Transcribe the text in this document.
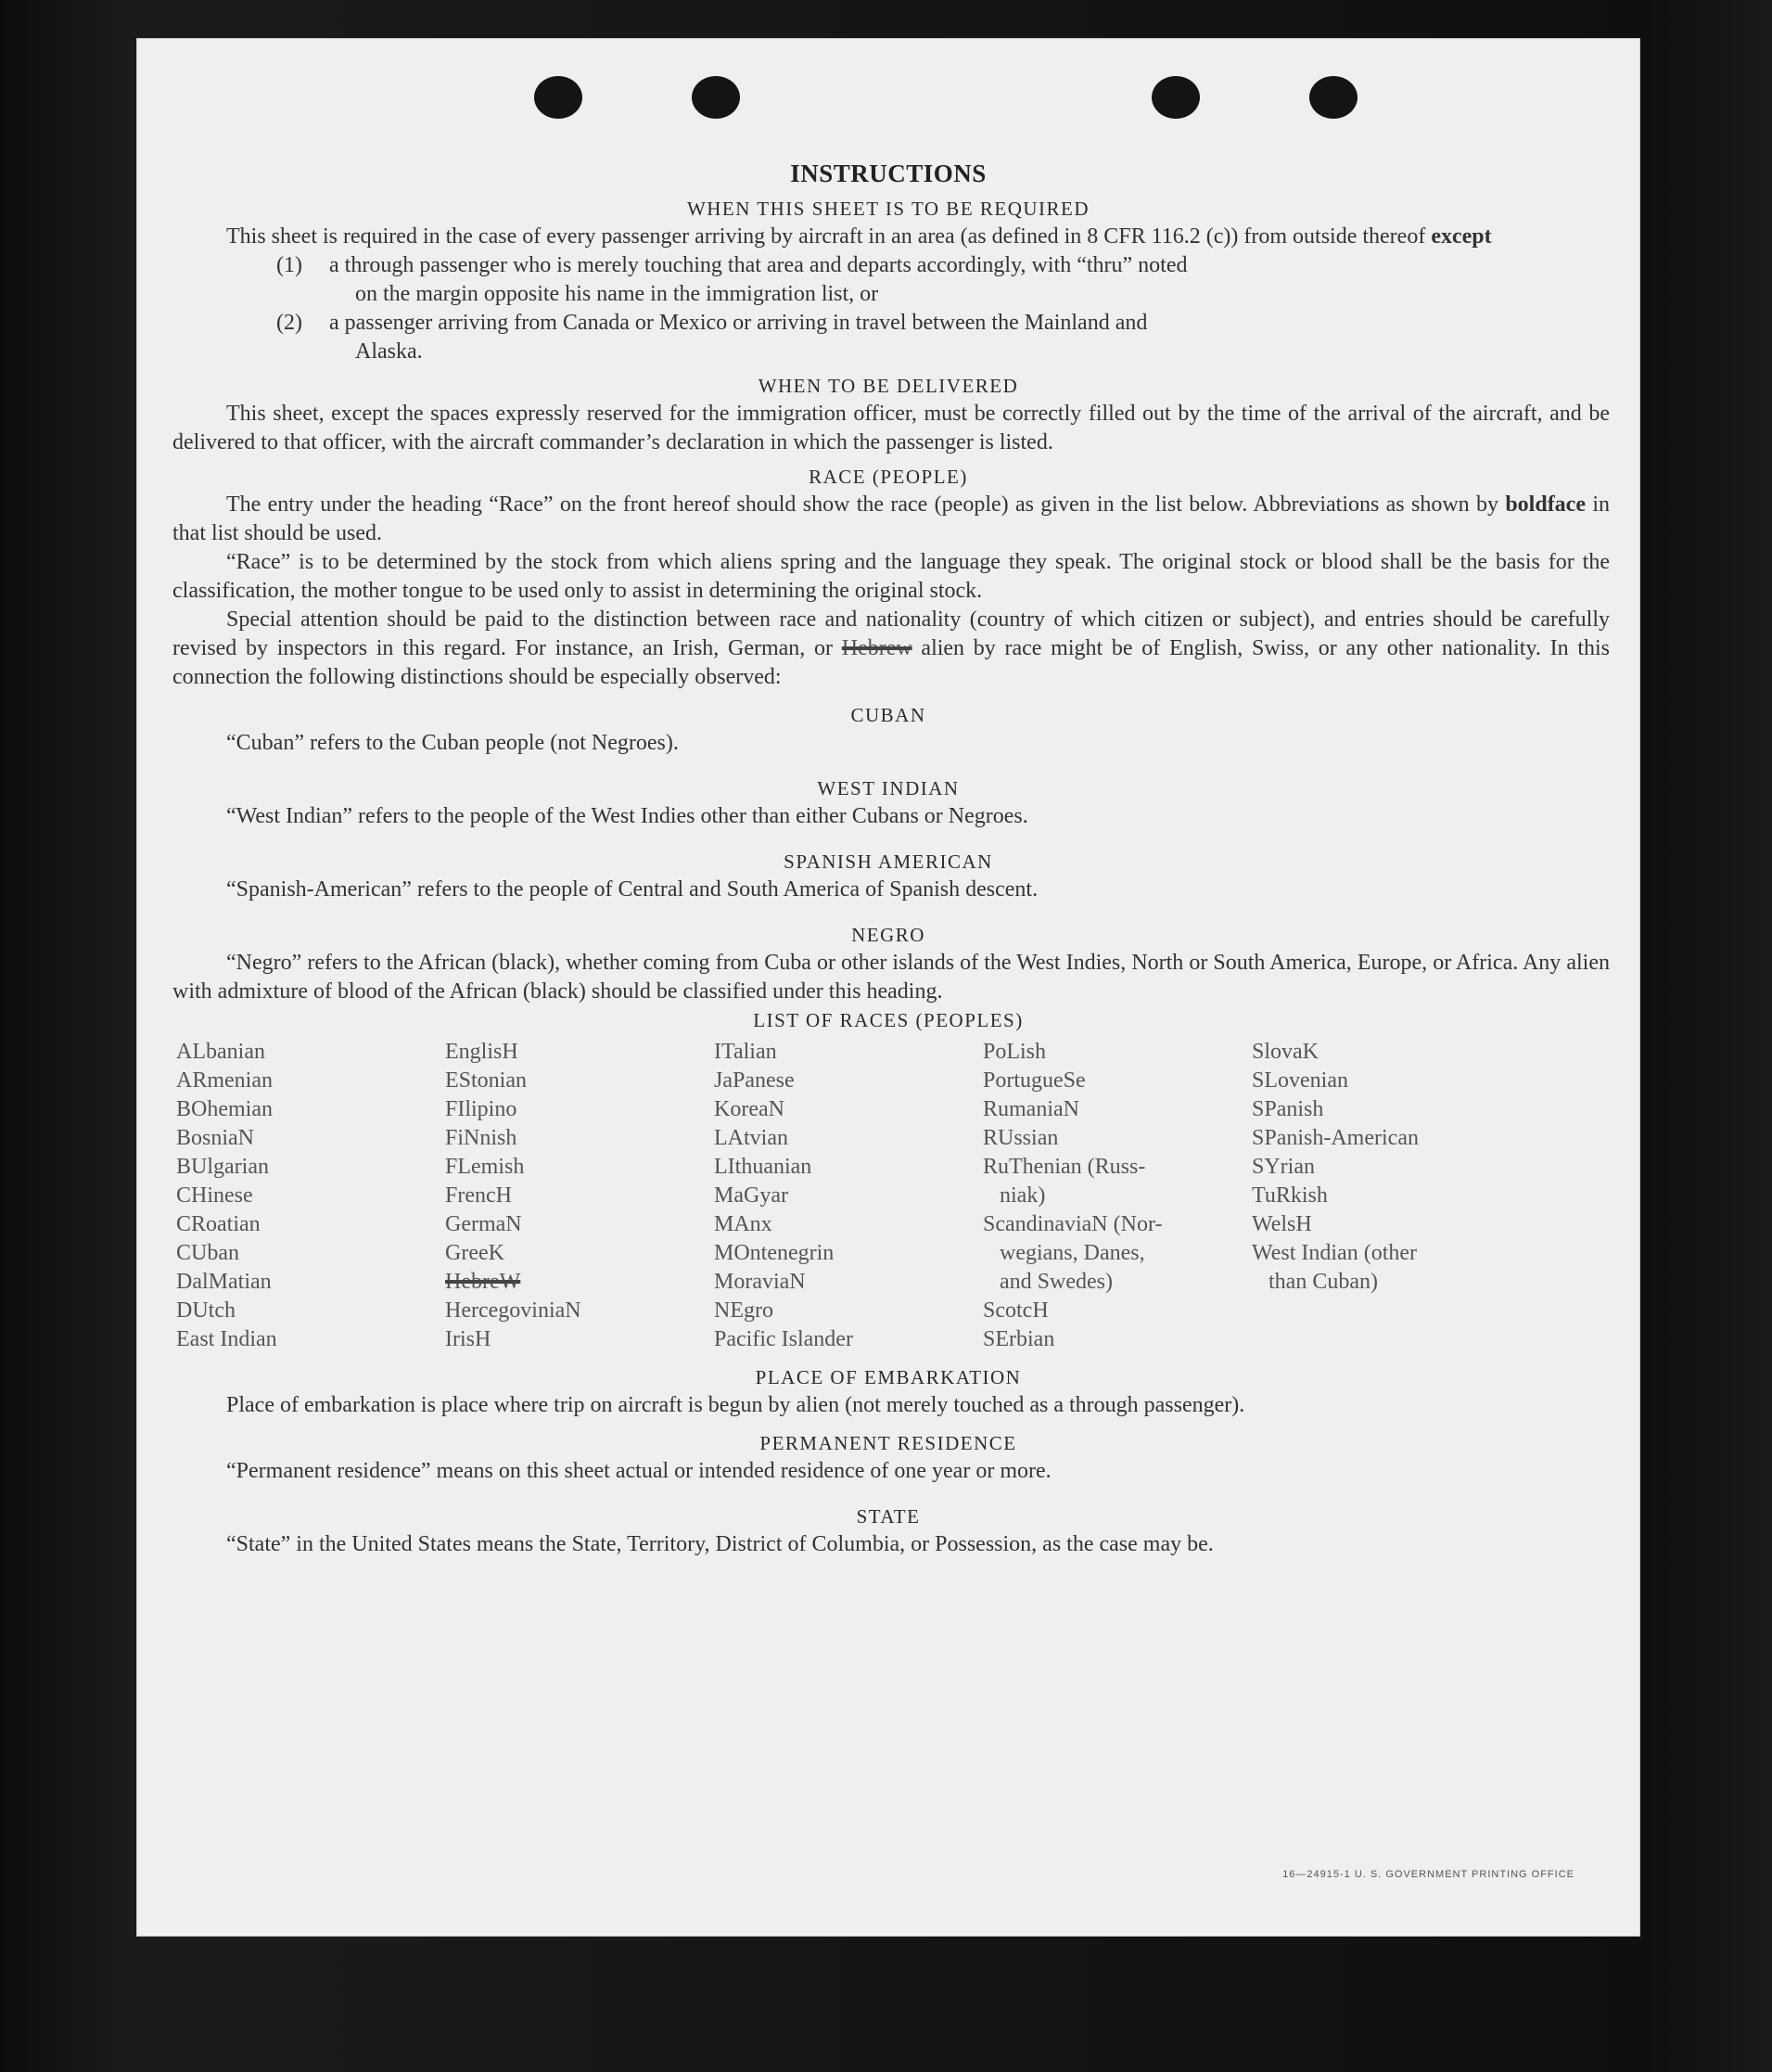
INSTRUCTIONS
WHEN THIS SHEET IS TO BE REQUIRED

This sheet is required in the case of every passenger arriving by aircraft in an area (as defined in 8 CFR 116.2 (c)) from outside thereof except

(1)	a through passenger who is merely touching that area and departs accordingly, with “thru” noted
on the margin opposite his name in the immigration list, or
(2)	a passenger arriving from Canada or Mexico or arriving in travel between the Mainland and
Alaska.
WHEN TO BE DELIVERED

This sheet, except the spaces expressly reserved for the immigration officer, must be correctly filled out by the time of the arrival of the aircraft, and be delivered to that officer, with the aircraft commander’s declaration in which the passenger is listed.

RACE (PEOPLE)

The entry under the heading “Race” on the front hereof should show the race (people) as given in the list below. Abbreviations as shown by boldface in that list should be used.

“Race” is to be determined by the stock from which aliens spring and the language they speak. The original stock or blood shall be the basis for the classification, the mother tongue to be used only to assist in determining the original stock.

Special attention should be paid to the distinction between race and nationality (country of which citizen or subject), and entries should be carefully revised by inspectors in this regard. For instance, an Irish, German, or Hebrew alien by race might be of English, Swiss, or any other nationality. In this connection the following distinctions should be especially observed:

CUBAN

“Cuban” refers to the Cuban people (not Negroes).

WEST INDIAN

“West Indian” refers to the people of the West Indies other than either Cubans or Negroes.

SPANISH AMERICAN

“Spanish-American” refers to the people of Central and South America of Spanish descent.

NEGRO

“Negro” refers to the African (black), whether coming from Cuba or other islands of the West Indies, North or South America, Europe, or Africa. Any alien with admixture of blood of the African (black) should be classified under this heading.

LIST OF RACES (PEOPLES)
ALbanian
ARmenian
BOhemian
BosniaN
BUlgarian
CHinese
CRoatian
CUban
DalMatian
DUtch
East Indian
EnglisH
EStonian
FIlipino
FiNnish
FLemish
FrencH
GermaN
GreeK
HebreW
HercegoviniaN
IrisH
ITalian
JaPanese
KoreaN
LAtvian
LIthuanian
MaGyar
MAnx
MOntenegrin
MoraviaN
NEgro
Pacific Islander
PoLish
PortugueSe
RumaniaN
RUssian
RuThenian (Russ-
niak)
ScandinaviaN (Nor-
wegians, Danes,
and Swedes)
ScotcH
SErbian
SlovaK
SLovenian
SPanish
SPanish-American
SYrian
TuRkish
WelsH
West Indian (other
than Cuban)
PLACE OF EMBARKATION

Place of embarkation is place where trip on aircraft is begun by alien (not merely touched as a through passenger).

PERMANENT RESIDENCE

“Permanent residence” means on this sheet actual or intended residence of one year or more.

STATE

“State” in the United States means the State, Territory, District of Columbia, or Possession, as the case may be.

16—24915-1 U. S. GOVERNMENT PRINTING OFFICE
